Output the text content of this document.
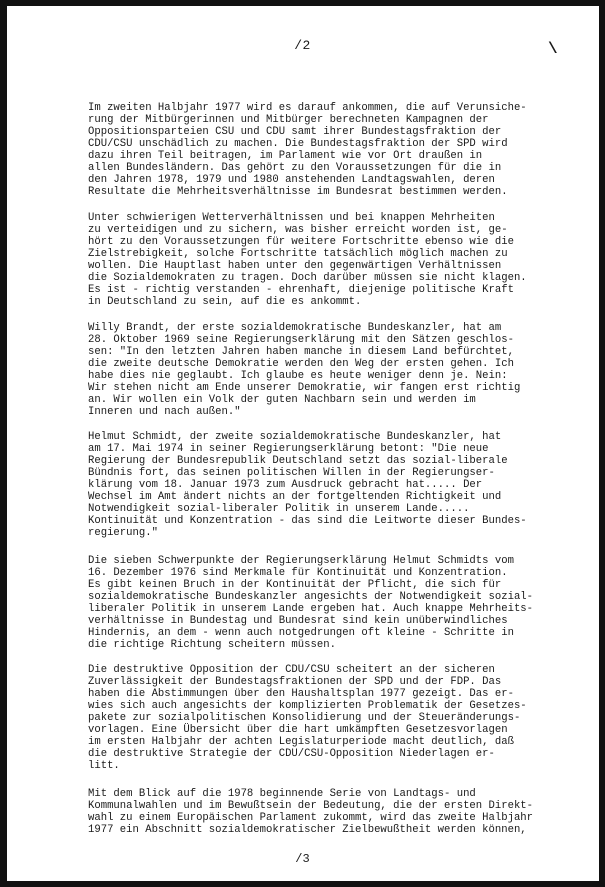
/2	\

Im zweiten Halbjahr 1977 wird es darauf ankommen, die auf Verunsiche-
rung der Mitbürgerinnen und Mitbürger berechneten Kampagnen der
Oppositionsparteien CSU und CDU samt ihrer Bundestagsfraktion der
CDU/CSU unschädlich zu machen. Die Bundestagsfraktion der SPD wird
dazu ihren Teil beitragen, im Parlament wie vor Ort draußen in
allen Bundesländern. Das gehört zu den Voraussetzungen für die in
den Jahren 1978, 1979 und 1980 anstehenden Landtagswahlen, deren
Resultate die Mehrheitsverhältnisse im Bundesrat bestimmen werden.

Unter schwierigen Wetterverhältnissen und bei knappen Mehrheiten
zu verteidigen und zu sichern, was bisher erreicht worden ist, ge-
hört zu den Voraussetzungen für weitere Fortschritte ebenso wie die
Zielstrebigkeit, solche Fortschritte tatsächlich möglich machen zu
wollen. Die Hauptlast haben unter den gegenwärtigen Verhältnissen
die Sozialdemokraten zu tragen. Doch darüber müssen sie nicht klagen.
Es ist - richtig verstanden - ehrenhaft, diejenige politische Kraft
in Deutschland zu sein, auf die es ankommt.

Willy Brandt, der erste sozialdemokratische Bundeskanzler, hat am
28. Oktober 1969 seine Regierungserklärung mit den Sätzen geschlos-
sen: "In den letzten Jahren haben manche in diesem Land befürchtet,
die zweite deutsche Demokratie werden den Weg der ersten gehen. Ich
habe dies nie geglaubt. Ich glaube es heute weniger denn je. Nein:
Wir stehen nicht am Ende unserer Demokratie, wir fangen erst richtig
an. Wir wollen ein Volk der guten Nachbarn sein und werden im
Inneren und nach außen."

Helmut Schmidt, der zweite sozialdemokratische Bundeskanzler, hat
am 17. Mai 1974 in seiner Regierungserklärung betont: "Die neue
Regierung der Bundesrepublik Deutschland setzt das sozial-liberale
Bündnis fort, das seinen politischen Willen in der Regierungser-
klärung vom 18. Januar 1973 zum Ausdruck gebracht hat..... Der
Wechsel im Amt ändert nichts an der fortgeltenden Richtigkeit und
Notwendigkeit sozial-liberaler Politik in unserem Lande.....
Kontinuität und Konzentration - das sind die Leitworte dieser Bundes-
regierung."

Die sieben Schwerpunkte der Regierungserklärung Helmut Schmidts vom
16. Dezember 1976 sind Merkmale für Kontinuität und Konzentration.
Es gibt keinen Bruch in der Kontinuität der Pflicht, die sich für
sozialdemokratische Bundeskanzler angesichts der Notwendigkeit sozial-
liberaler Politik in unserem Lande ergeben hat. Auch knappe Mehrheits-
verhältnisse in Bundestag und Bundesrat sind kein unüberwindliches
Hindernis, an dem - wenn auch notgedrungen oft kleine - Schritte in
die richtige Richtung scheitern müssen.

Die destruktive Opposition der CDU/CSU scheitert an der sicheren
Zuverlässigkeit der Bundestagsfraktionen der SPD und der FDP. Das
haben die Abstimmungen über den Haushaltsplan 1977 gezeigt. Das er-
wies sich auch angesichts der komplizierten Problematik der Gesetzes-
pakete zur sozialpolitischen Konsolidierung und der Steueränderungs-
vorlagen. Eine Übersicht über die hart umkämpften Gesetzesvorlagen
im ersten Halbjahr der achten Legislaturperiode macht deutlich, daß
die destruktive Strategie der CDU/CSU-Opposition Niederlagen er-
litt.

Mit dem Blick auf die 1978 beginnende Serie von Landtags- und
Kommunalwahlen und im Bewußtsein der Bedeutung, die der ersten Direkt-
wahl zu einem Europäischen Parlament zukommt, wird das zweite Halbjahr
1977 ein Abschnitt sozialdemokratischer Zielbewußtheit werden können,

/3
